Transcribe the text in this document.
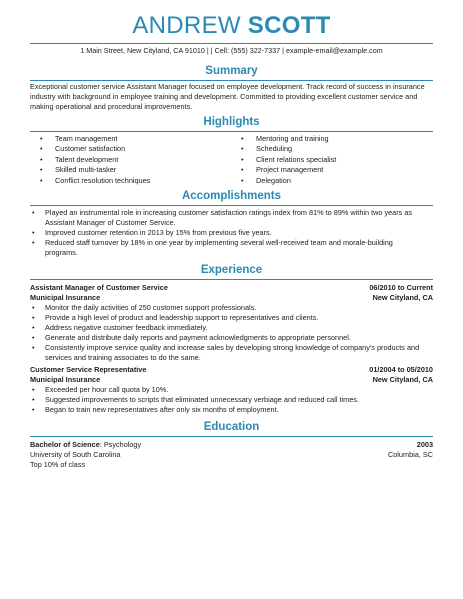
ANDREW SCOTT
1 Main Street, New Cityland, CA 91010 | | Cell: (555) 322-7337 | example-email@example.com
Summary
Exceptional customer service Assistant Manager focused on employee development. Track record of success in insurance industry with background in employee training and development. Committed to providing excellent customer service and making operational and procedural improvements.
Highlights
• Team management
• Customer satisfaction
• Talent development
• Skilled multi-tasker
• Conflict resolution techniques
• Mentoring and training
• Scheduling
• Client relations specialist
• Project management
• Delegation
Accomplishments
• Played an instrumental role in increasing customer satisfaction ratings index from 81% to 89% within two years as Assistant Manager of Customer Service.
• Improved customer retention in 2013 by 15% from previous five years.
• Reduced staff turnover by 18% in one year by implementing several well-received team and morale-building programs.
Experience
Assistant Manager of Customer Service	06/2010 to Current
Municipal Insurance	New Cityland, CA
• Monitor the daily activities of 250 customer support professionals.
• Provide a high level of product and leadership support to representatives and clients.
• Address negative customer feedback immediately.
• Generate and distribute daily reports and payment acknowledgments to appropriate personnel.
• Consistently improve service quality and increase sales by developing strong knowledge of company's products and services and training associates to do the same.
Customer Service Representative	01/2004 to 05/2010
Municipal Insurance	New Cityland, CA
• Exceeded per hour call quota by 10%.
• Suggested improvements to scripts that eliminated unnecessary verbiage and reduced call times.
• Began to train new representatives after only six months of employment.
Education
Bachelor of Science: Psychology	2003
University of South Carolina	Columbia, SC
Top 10% of class
